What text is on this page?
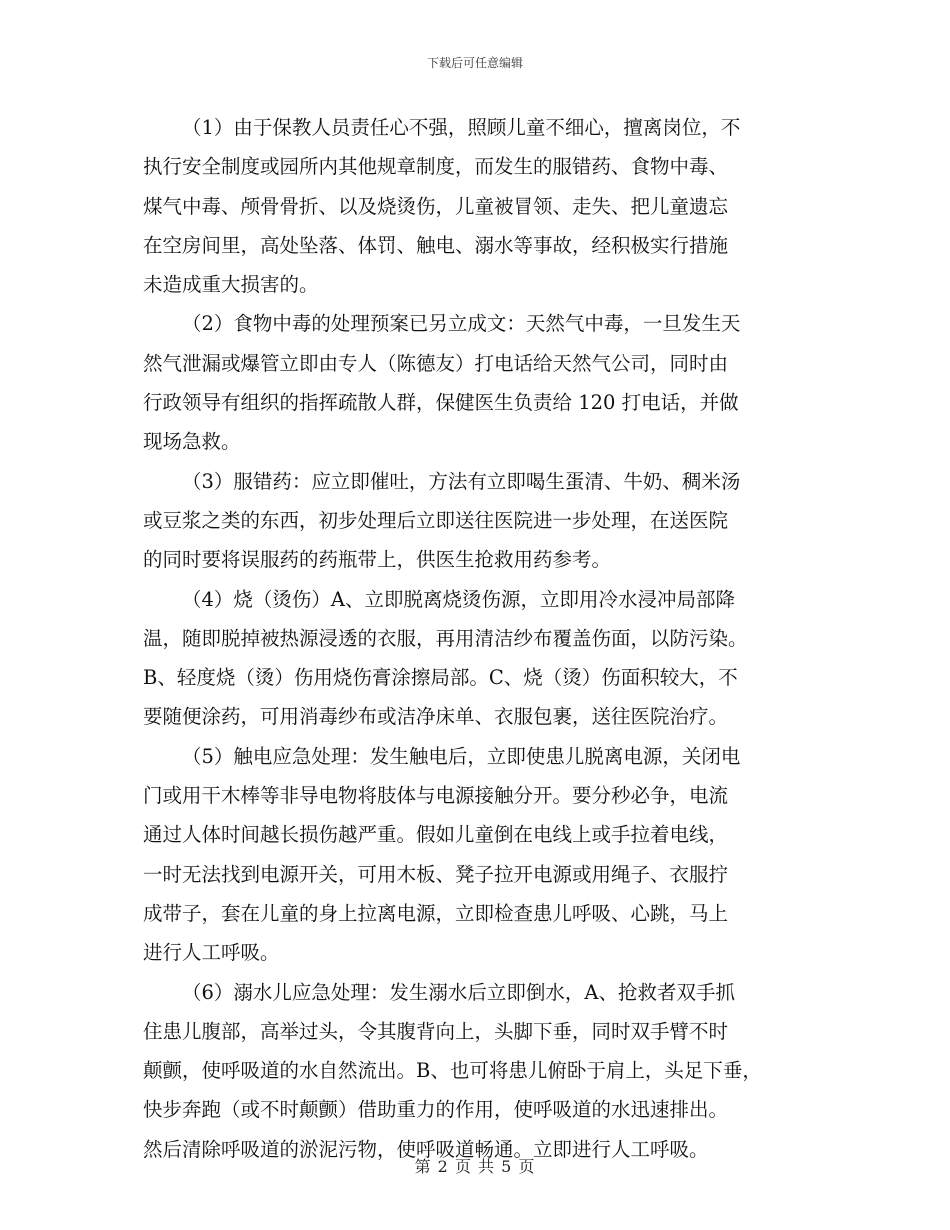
下载后可任意编辑
（1）由于保教人员责任心不强，照顾儿童不细心，擅离岗位，不
执行安全制度或园所内其他规章制度，而发生的服错药、食物中毒、
煤气中毒、颅骨骨折、以及烧烫伤，儿童被冒领、走失、把儿童遗忘
在空房间里，高处坠落、体罚、触电、溺水等事故，经积极实行措施
未造成重大损害的。
（2）食物中毒的处理预案已另立成文：天然气中毒，一旦发生天
然气泄漏或爆管立即由专人（陈德友）打电话给天然气公司，同时由
行政领导有组织的指挥疏散人群，保健医生负责给 120 打电话，并做
现场急救。
（3）服错药：应立即催吐，方法有立即喝生蛋清、牛奶、稠米汤
或豆浆之类的东西，初步处理后立即送往医院进一步处理，在送医院
的同时要将误服药的药瓶带上，供医生抢救用药参考。
（4）烧（烫伤）A、立即脱离烧烫伤源，立即用冷水浸冲局部降
温，随即脱掉被热源浸透的衣服，再用清洁纱布覆盖伤面，以防污染。
B、轻度烧（烫）伤用烧伤膏涂擦局部。C、烧（烫）伤面积较大，不
要随便涂药，可用消毒纱布或洁净床单、衣服包裹，送往医院治疗。
（5）触电应急处理：发生触电后，立即使患儿脱离电源，关闭电
门或用干木棒等非导电物将肢体与电源接触分开。要分秒必争，电流
通过人体时间越长损伤越严重。假如儿童倒在电线上或手拉着电线，
一时无法找到电源开关，可用木板、凳子拉开电源或用绳子、衣服拧
成带子，套在儿童的身上拉离电源，立即检查患儿呼吸、心跳，马上
进行人工呼吸。
（6）溺水儿应急处理：发生溺水后立即倒水，A、抢救者双手抓
住患儿腹部，高举过头，令其腹背向上，头脚下垂，同时双手臂不时
颠颤，使呼吸道的水自然流出。B、也可将患儿俯卧于肩上，头足下垂，
快步奔跑（或不时颠颤）借助重力的作用，使呼吸道的水迅速排出。
然后清除呼吸道的淤泥污物，使呼吸道畅通。立即进行人工呼吸。
第 2 页 共 5 页
